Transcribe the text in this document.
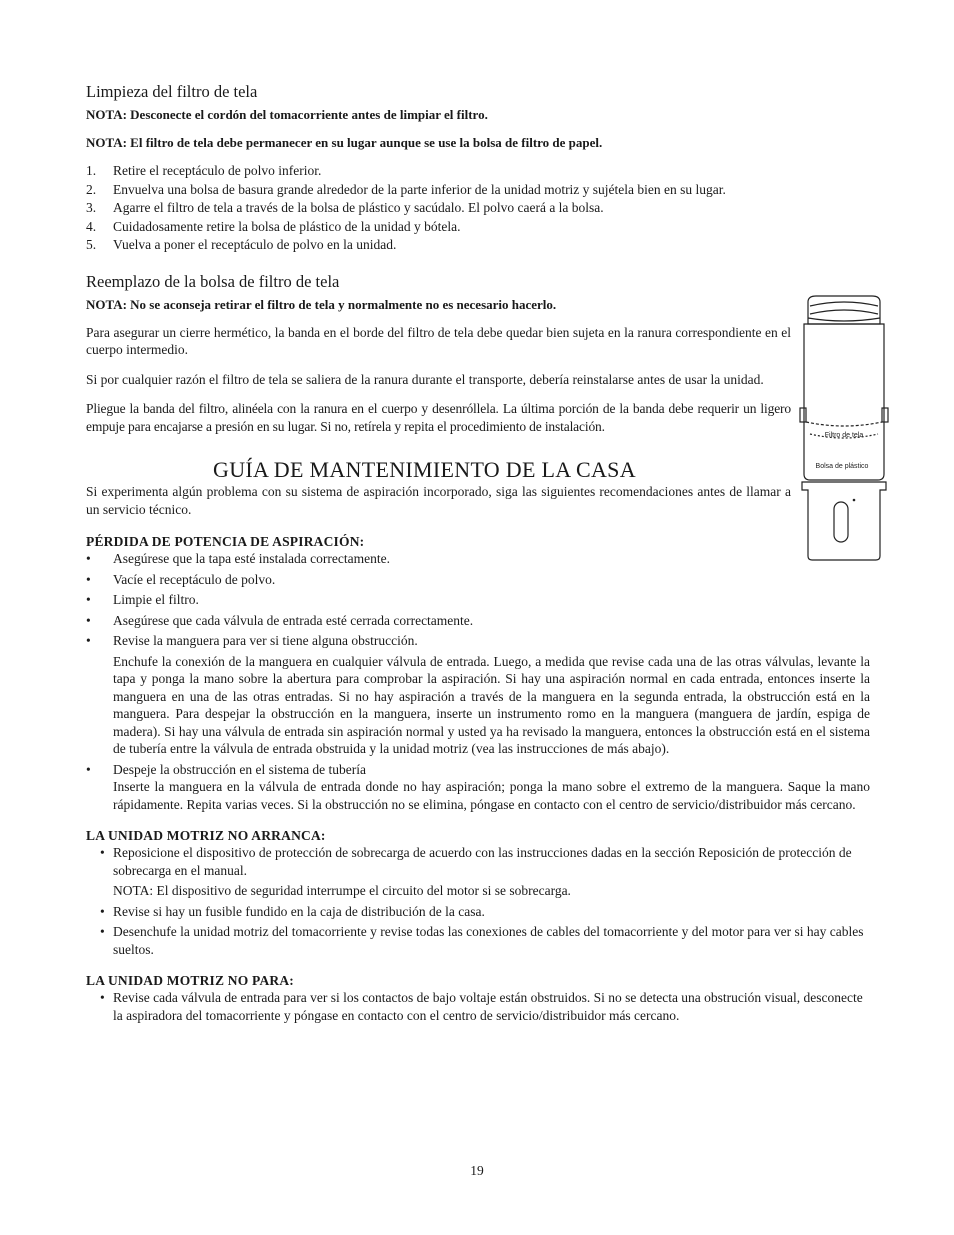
Limpieza del filtro de tela

NOTA: Desconecte el cordón del tomacorriente antes de limpiar el filtro.

NOTA: El filtro de tela debe permanecer en su lugar aunque se use la bolsa de filtro de papel.

1.	Retire el receptáculo de polvo inferior.
2.	Envuelva una bolsa de basura grande alrededor de la parte inferior de la unidad motriz y sujétela bien en su lugar.
3.	Agarre el filtro de tela a través de la bolsa de plástico y sacúdalo. El polvo caerá a la bolsa.
4.	Cuidadosamente retire la bolsa de plástico de la unidad y bótela.
5.	Vuelva a poner el receptáculo de polvo en la unidad.
Reemplazo de la bolsa de filtro de tela

NOTA: No se aconseja retirar el filtro de tela y normalmente no es necesario hacerlo.

Para asegurar un cierre hermético, la banda en el borde del filtro de tela debe quedar bien sujeta en la ranura correspondiente en el cuerpo intermedio.

Si por cualquier razón el filtro de tela se saliera de la ranura durante el transporte, debería reinstalarse antes de usar la unidad.

Pliegue la banda del filtro, alinéela con la ranura en el cuerpo y desenróllela. La última porción de la banda debe requerir un ligero empuje para encajarse a presión en su lugar. Si no, retírela y repita el procedimiento de instalación.

GUÍA DE MANTENIMIENTO DE LA CASA

Si experimenta algún problema con su sistema de aspiración incorporado, siga las siguientes recomendaciones antes de llamar a un servicio técnico.

PÉRDIDA DE POTENCIA DE ASPIRACIÓN:
•	Asegúrese que la tapa esté instalada correctamente.
•	Vacíe el receptáculo de polvo.
•	Limpie el filtro.
•	Asegúrese que cada válvula de entrada esté cerrada correctamente.
•	Revise la manguera para ver si tiene alguna obstrucción.

Enchufe la conexión de la manguera en cualquier válvula de entrada. Luego, a medida que revise cada una de las otras válvulas, levante la tapa y ponga la mano sobre la abertura para comprobar la aspiración. Si hay una aspiración normal en cada entrada, entonces inserte la manguera en una de las otras entradas. Si no hay aspiración a través de la manguera en la segunda entrada, la obstrucción está en la manguera. Para despejar la obstrucción en la manguera, inserte un instrumento romo en la manguera (manguera de jardín, espiga de madera). Si hay una válvula de entrada sin aspiración normal y usted ya ha revisado la manguera, entonces la obstrucción está en el sistema de tubería entre la válvula de entrada obstruida y la unidad motriz (vea las instrucciones de más abajo).

•	Despeje la obstrucción en el sistema de tubería

Inserte la manguera en la válvula de entrada donde no hay aspiración; ponga la mano sobre el extremo de la manguera. Saque la mano rápidamente. Repita varias veces. Si la obstrucción no se elimina, póngase en contacto con el centro de servicio/distribuidor más cercano.

LA UNIDAD MOTRIZ NO ARRANCA:
• Reposicione el dispositivo de protección de sobrecarga de acuerdo con las instrucciones dadas en la sección Reposición de protección de sobrecarga en el manual.

NOTA: El dispositivo de seguridad interrumpe el circuito del motor si se sobrecarga.

• Revise si hay un fusible fundido en la caja de distribución de la casa.
• Desenchufe la unidad motriz del tomacorriente y revise todas las conexiones de cables del tomacorriente y del motor para ver si hay cables sueltos.
LA UNIDAD MOTRIZ NO PARA:
• Revise cada válvula de entrada para ver si los contactos de bajo voltaje están obstruidos. Si no se detecta una obstrución visual, desconecte la aspiradora del tomacorriente y póngase en contacto con el centro de servicio/distribuidor más cercano.
Filtro de tela
Bolsa de plástico
19
